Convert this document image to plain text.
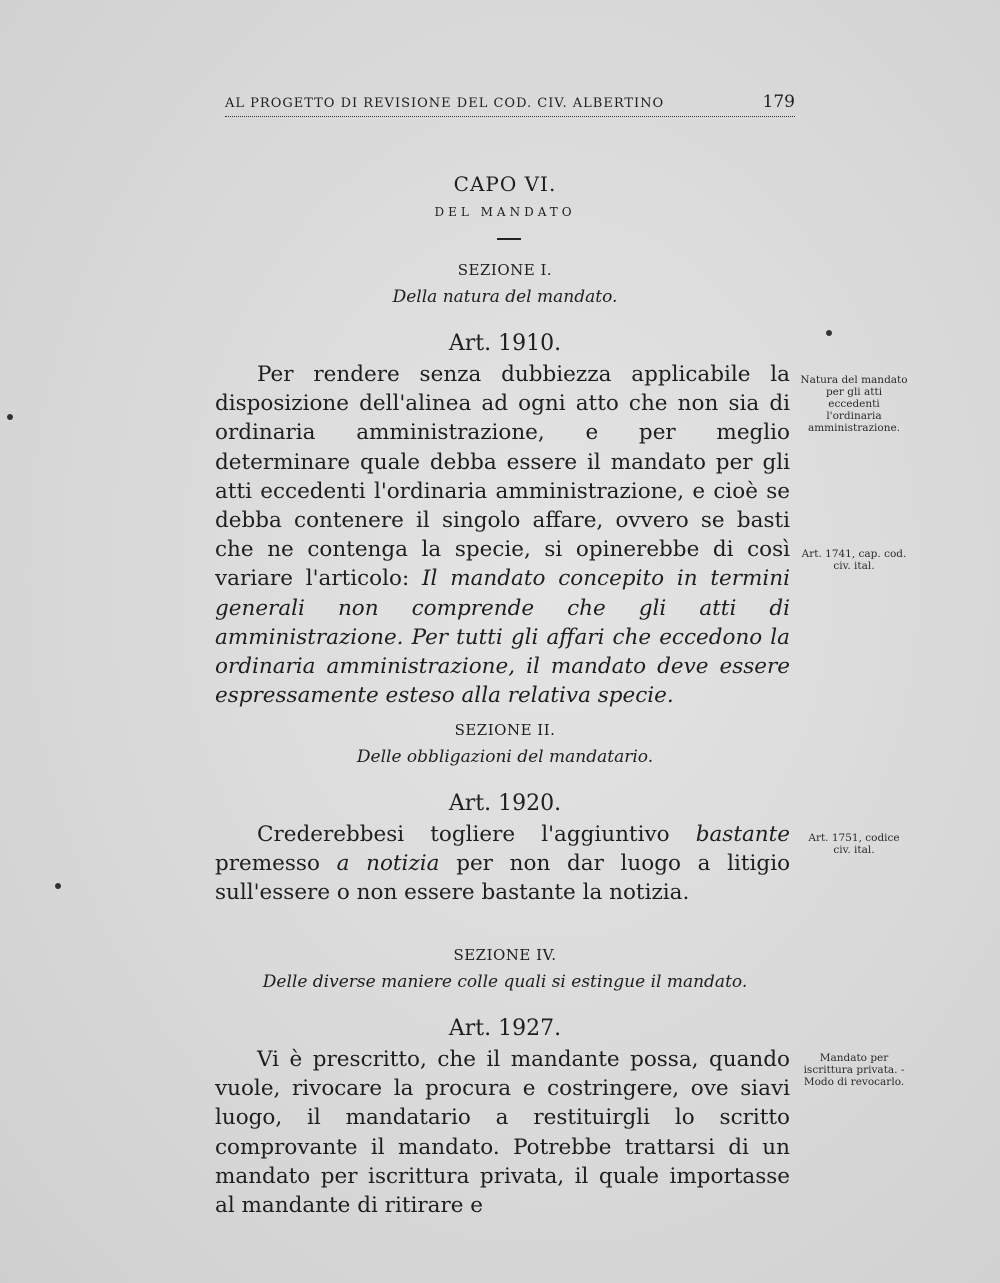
AL PROGETTO DI REVISIONE DEL COD. CIV. ALBERTINO	179
CAPO VI.
DEL MANDATO
SEZIONE I.
Della natura del mandato.
Art. 1910.

Per rendere senza dubbiezza applicabile la disposizione dell'alinea ad ogni atto che non sia di ordinaria amministrazione, e per meglio determinare quale debba essere il mandato per gli atti eccedenti l'ordinaria amministrazione, e cioè se debba contenere il singolo affare, ovvero se basti che ne contenga la specie, si opinerebbe di così variare l'articolo: Il mandato concepito in termini generali non comprende che gli atti di amministrazione. Per tutti gli affari che eccedono la ordinaria amministrazione, il mandato deve essere espressamente esteso alla relativa specie.

Natura del mandato per gli atti eccedenti l'ordinaria amministrazione.
Art. 1741, cap. cod. civ. ital.
SEZIONE II.
Delle obbligazioni del mandatario.
Art. 1920.

Crederebbesi togliere l'aggiuntivo bastante premesso a notizia per non dar luogo a litigio sull'essere o non essere bastante la notizia.

Art. 1751, codice civ. ital.
SEZIONE IV.
Delle diverse maniere colle quali si estingue il mandato.
Art. 1927.

Vi è prescritto, che il mandante possa, quando vuole, rivocare la procura e costringere, ove siavi luogo, il mandatario a restituirgli lo scritto comprovante il mandato. Potrebbe trattarsi di un mandato per iscrittura privata, il quale importasse al mandante di ritirare e

Mandato per iscrittura privata. - Modo di revocarlo.
